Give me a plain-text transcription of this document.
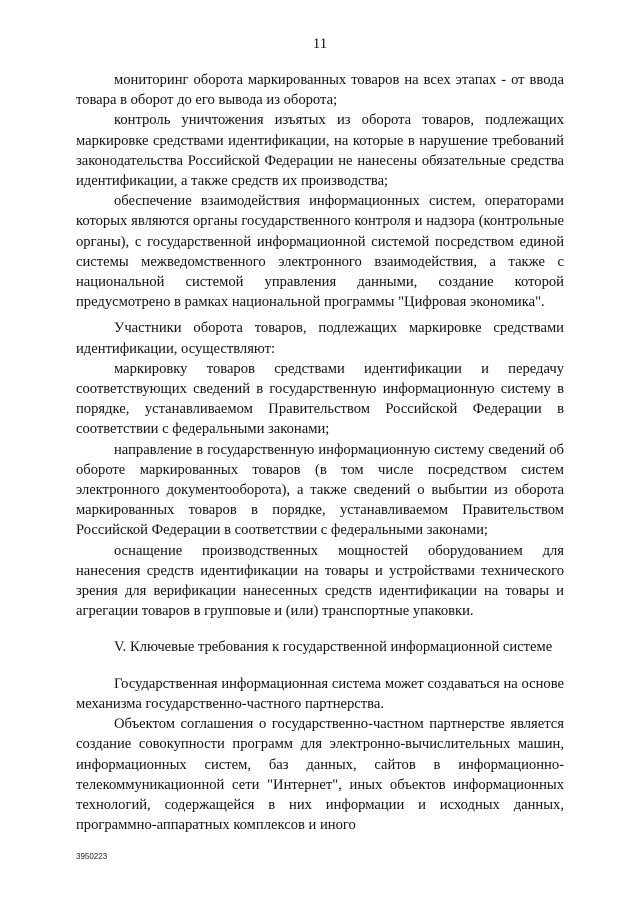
11

мониторинг оборота маркированных товаров на всех этапах - от ввода товара в оборот до его вывода из оборота;

контроль уничтожения изъятых из оборота товаров, подлежащих маркировке средствами идентификации, на которые в нарушение требований законодательства Российской Федерации не нанесены обязательные средства идентификации, а также средств их производства;

обеспечение взаимодействия информационных систем, операторами которых являются органы государственного контроля и надзора (контрольные органы), с государственной информационной системой посредством единой системы межведомственного электронного взаимодействия, а также с национальной системой управления данными, создание которой предусмотрено в рамках национальной программы "Цифровая экономика".

Участники оборота товаров, подлежащих маркировке средствами идентификации, осуществляют:

маркировку товаров средствами идентификации и передачу соответствующих сведений в государственную информационную систему в порядке, устанавливаемом Правительством Российской Федерации в соответствии с федеральными законами;

направление в государственную информационную систему сведений об обороте маркированных товаров (в том числе посредством систем электронного документооборота), а также сведений о выбытии из оборота маркированных товаров в порядке, устанавливаемом Правительством Российской Федерации в соответствии с федеральными законами;

оснащение производственных мощностей оборудованием для нанесения средств идентификации на товары и устройствами технического зрения для верификации нанесенных средств идентификации на товары и агрегации товаров в групповые и (или) транспортные упаковки.

V. Ключевые требования к государственной информационной системе

Государственная информационная система может создаваться на основе механизма государственно-частного партнерства.

Объектом соглашения о государственно-частном партнерстве является создание совокупности программ для электронно-вычислительных машин, информационных систем, баз данных, сайтов в информационно-телекоммуникационной сети "Интернет", иных объектов информационных технологий, содержащейся в них информации и исходных данных, программно-аппаратных комплексов и иного

3950223
